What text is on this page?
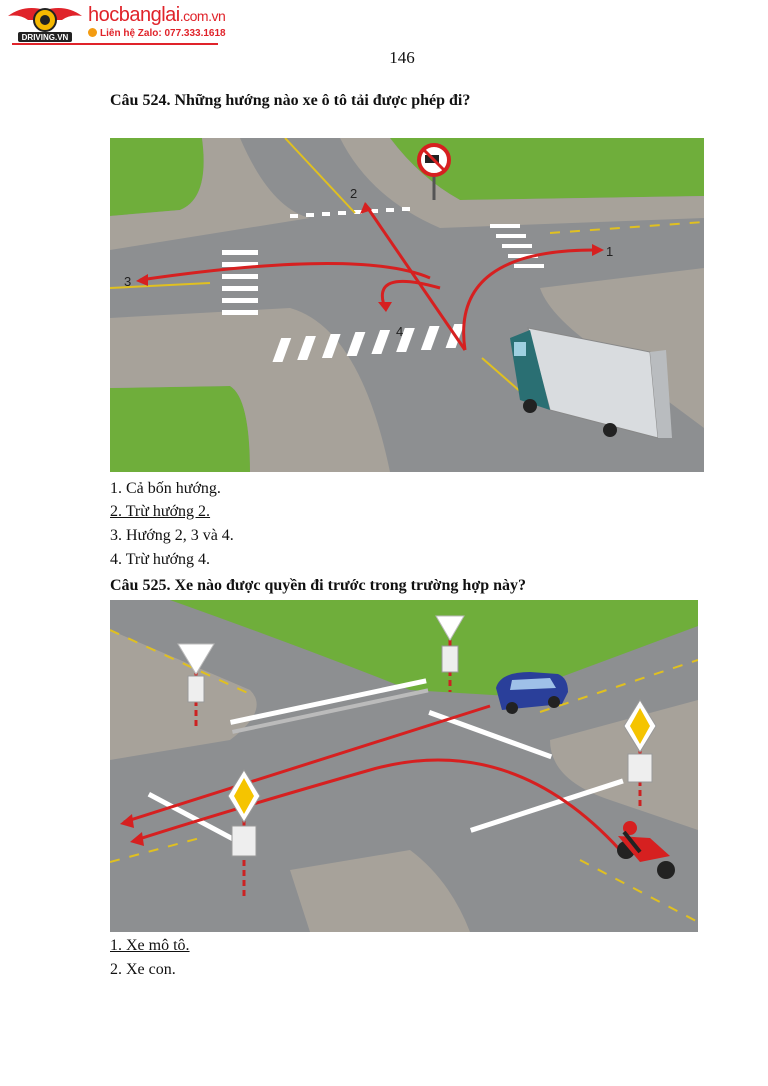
DRIVING.VN
hocbanglai.com.vn
Liên hệ Zalo: 077.333.1618
146
Câu 524. Những hướng nào xe ô tô tải được phép đi?
2
1
3
4
1. Cả bốn hướng.
2. Trừ hướng 2.
3. Hướng 2, 3 và 4.
4. Trừ hướng 4.
Câu 525. Xe nào được quyền đi trước trong trường hợp này?
1. Xe mô tô.
2. Xe con.
